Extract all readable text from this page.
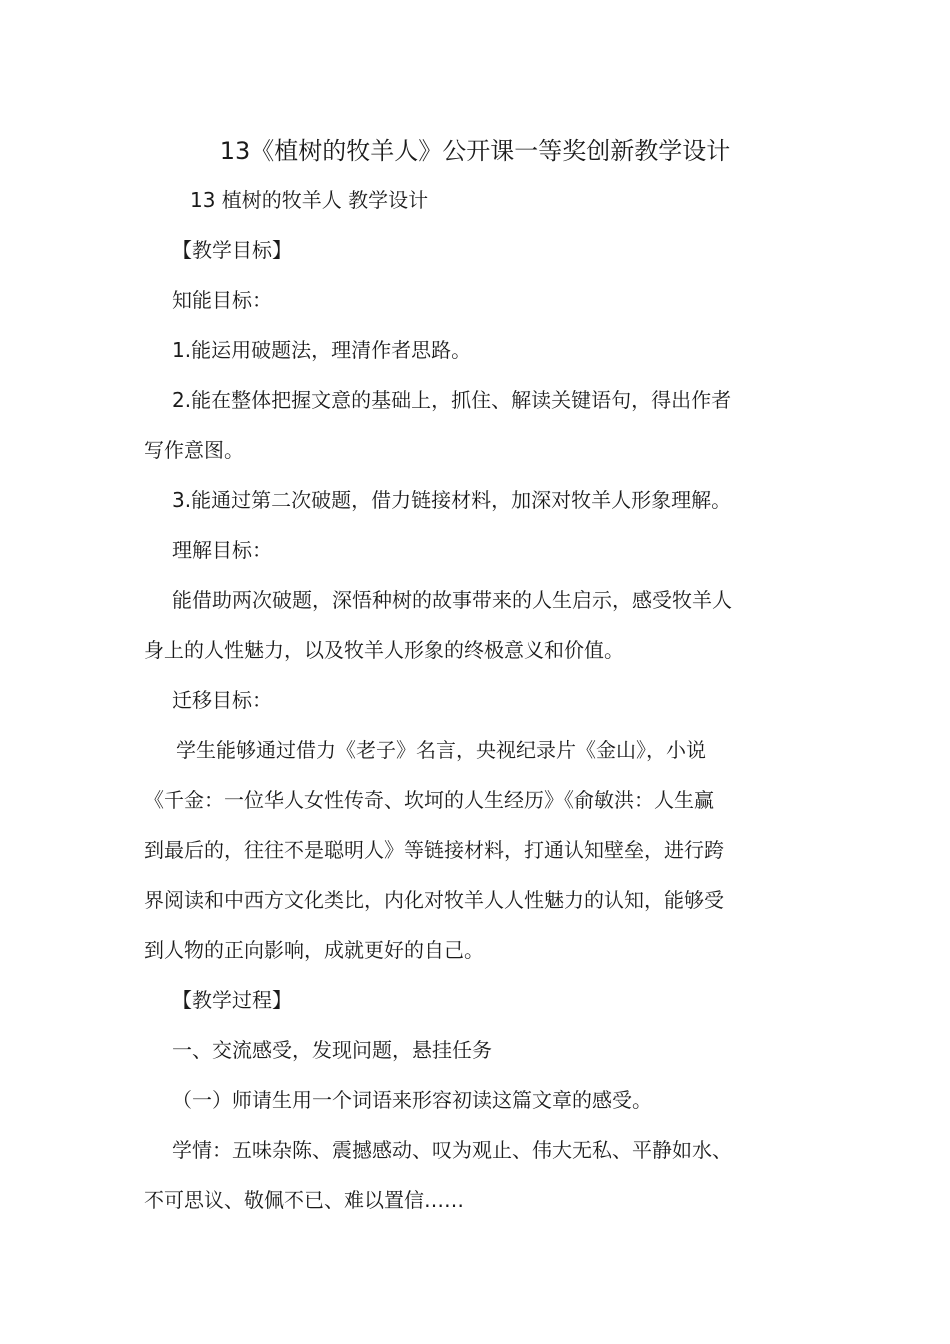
13《植树的牧羊人》公开课一等奖创新教学设计
13 植树的牧羊人 教学设计
【教学目标】
知能目标：
1.能运用破题法，理清作者思路。
2.能在整体把握文意的基础上，抓住、解读关键语句，得出作者
写作意图。
3.能通过第二次破题，借力链接材料，加深对牧羊人形象理解。
理解目标：
能借助两次破题，深悟种树的故事带来的人生启示，感受牧羊人
身上的人性魅力，以及牧羊人形象的终极意义和价值。
迁移目标：
学生能够通过借力《老子》名言，央视纪录片《金山》，小说
《千金：一位华人女性传奇、坎坷的人生经历》《俞敏洪：人生赢
到最后的，往往不是聪明人》等链接材料，打通认知壁垒，进行跨
界阅读和中西方文化类比，内化对牧羊人人性魅力的认知，能够受
到人物的正向影响，成就更好的自己。
【教学过程】
一、交流感受，发现问题，悬挂任务
（一）师请生用一个词语来形容初读这篇文章的感受。
学情：五味杂陈、震撼感动、叹为观止、伟大无私、平静如水、
不可思议、敬佩不已、难以置信……
